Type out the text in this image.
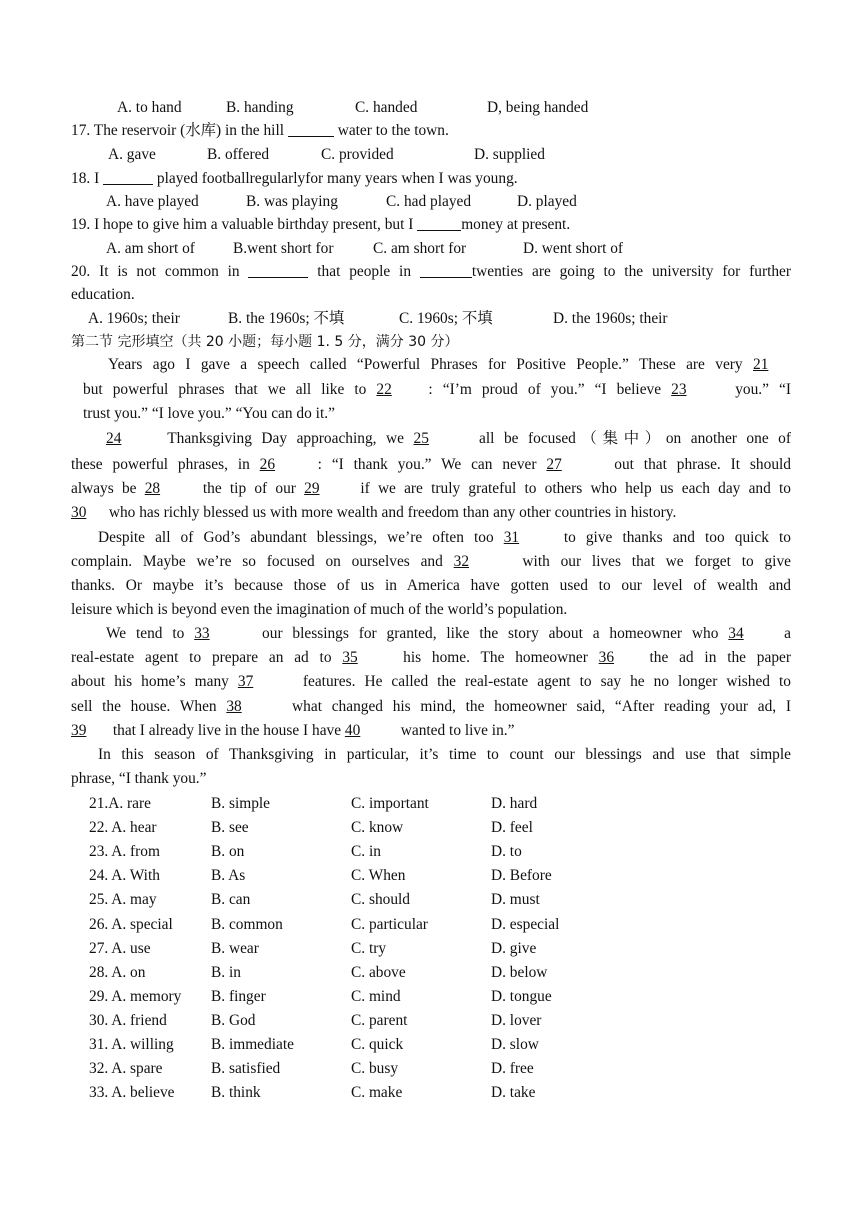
A. to hand	B. handing	C. handed	D, being handed
17. The reservoir (水库) in the hill	water to the town.
A. gave	B. offered	C. provided	D. supplied
18. I	played footballregularlyfor many years when I was young.
A. have played	B. was playing	C. had played	D. played
19. I hope to give him a valuable birthday present, but I	money at present.
A. am short of B.went short for	C. am short for	D. went short of
20. It is not common in	that people in	twenties are going to the university for further
education.
A. 1960s; their	B. the 1960s; 不填	C. 1960s; 不填	D. the 1960s; their
第二节 完形填空（共 20 小题；每小题 1. 5 分，满分 30 分）
Years ago I gave a speech called “Powerful Phrases for Positive People.” These are very 21
but powerful phrases that we all like to 22 : “I’m proud of you.” “I believe 23	you.” “I
trust you.” “I love you.” “You can do it.”
24 Thanksgiving Day approaching, we 25	all be focused（集中）on another one of
these powerful phrases, in 26	: “I thank you.” We can never 27	out that phrase. It should
always be 28 the tip of our 29 if we are truly grateful to others who help us each day and to
30 who has richly blessed us with more wealth and freedom than any other countries in history.
Despite all of God’s abundant blessings, we’re often too 31 to give thanks and too quick to
complain. Maybe we’re so focused on ourselves and 32	with our lives that we forget to give
thanks. Or maybe it’s because those of us in America have gotten used to our level of wealth and
leisure which is beyond even the imagination of much of the world’s population.
We tend to 33	our blessings for granted, like the story about a homeowner who 34 a
real-estate agent to prepare an ad to 35 his home. The homeowner 36 the ad in the paper
about his home’s many 37	features. He called the real-estate agent to say he no longer wished to
sell the house. When 38	what changed his mind, the homeowner said, “After reading your ad, I
39 that I already live in the house I have 40 wanted to live in.”
In this season of Thanksgiving in particular, it’s time to count our blessings and use that simple
phrase, “I thank you.”
21.A. rare	B. simple	C. important	D. hard
22. A. hear	B. see	C. know	D. feel
23. A. from	B. on	C. in	D. to
24. A. With	B. As	C. When	D. Before
25. A. may	B. can	C. should	D. must
26. A. special B. common	C. particular	D. especial
27. A. use	B. wear	C. try	D. give
28. A. on	B. in	C. above	D. below
29. A. memory B. finger	C. mind	D. tongue
30. A. friend	B. God	C. parent	D. lover
31. A. willing B. immediate	C. quick	D. slow
32. A. spare	B. satisfied	C. busy	D. free
33. A. believe B. think	C. make	D. take
